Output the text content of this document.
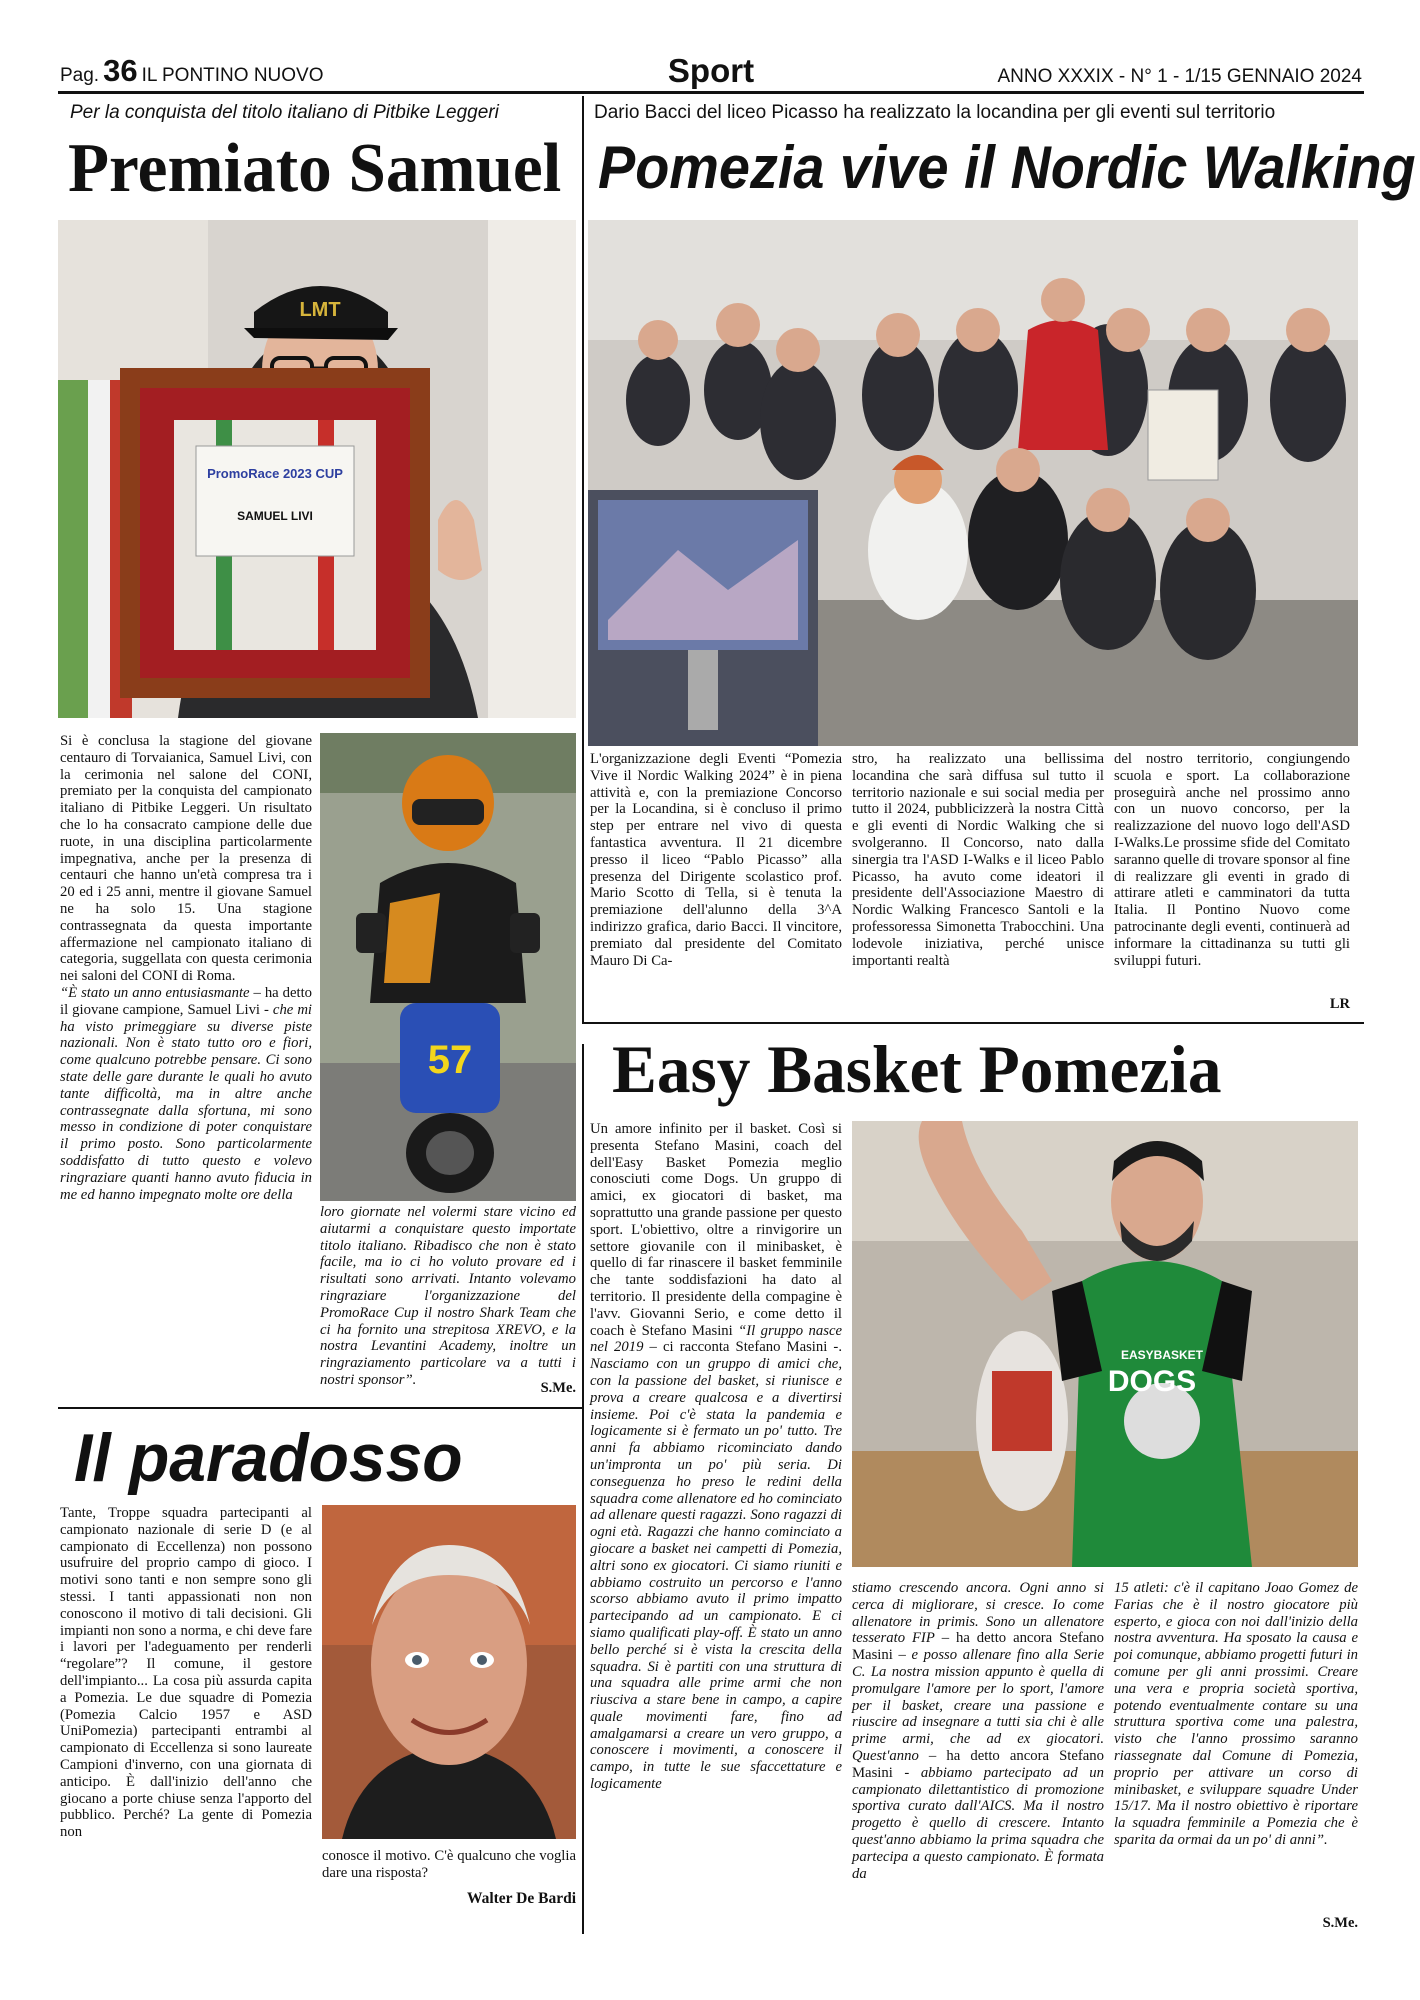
Pag. 36 IL PONTINO NUOVO	Sport	ANNO XXXIX - N° 1 - 1/15 GENNAIO 2024
Per la conquista del titolo italiano di Pitbike Leggeri
Premiato Samuel
LMT
PromoRace 2023 CUP
SAMUEL LIVI

Si è conclusa la stagione del giovane centauro di Torvaianica, Samuel Livi, con la cerimonia nel salone del CONI, premiato per la conquista del campionato italiano di Pitbike Leggeri. Un risultato che lo ha consacrato campione delle due ruote, in una disciplina particolarmente impegnativa, anche per la presenza di centauri che hanno un'età compresa tra i 20 ed i 25 anni, mentre il giovane Samuel ne ha solo 15. Una stagione contrassegnata da questa importante affermazione nel campionato italiano di categoria, suggellata con questa cerimonia nei saloni del CONI di Roma.

“È stato un anno entusiasmante – ha detto il giovane campione, Samuel Livi - che mi ha visto primeggiare su diverse piste nazionali. Non è stato tutto oro e fiori, come qualcuno potrebbe pensare. Ci sono state delle gare durante le quali ho avuto tante difficoltà, ma in altre anche contrassegnate dalla sfortuna, mi sono messo in condizione di poter conquistare il primo posto. Sono particolarmente soddisfatto di tutto questo e volevo ringraziare quanti hanno avuto fiducia in me ed hanno impegnato molte ore della

57
loro giornate nel volermi stare vicino ed aiutarmi a conquistare questo importate titolo italiano. Ribadisco che non è stato facile, ma io ci ho voluto provare ed i risultati sono arrivati. Intanto volevamo ringraziare l'organizzazione del PromoRace Cup il nostro Shark Team che ci ha fornito una strepitosa XREVO, e la nostra Levantini Academy, inoltre un ringraziamento particolare va a tutti i nostri sponsor”.
S.Me.
Dario Bacci del liceo Picasso ha realizzato la locandina per gli eventi sul territorio
Pomezia vive il Nordic Walking
L'organizzazione degli Eventi “Pomezia Vive il Nordic Walking 2024” è in piena attività e, con la premiazione Concorso per la Locandina, si è concluso il primo step per entrare nel vivo di questa fantastica avventura. Il 21 dicembre presso il liceo “Pablo Picasso” alla presenza del Dirigente scolastico prof. Mario Scotto di Tella, si è tenuta la premiazione dell'alunno della 3^A indirizzo grafica, dario Bacci. Il vincitore, premiato dal presidente del Comitato Mauro Di Ca-
stro, ha realizzato una bellissima locandina che sarà diffusa sul tutto il territorio nazionale e sui social media per tutto il 2024, pubblicizzerà la nostra Città e gli eventi di Nordic Walking che si svolgeranno. Il Concorso, nato dalla sinergia tra l'ASD I-Walks e il liceo Pablo Picasso, ha avuto come ideatori il presidente dell'Associazione Maestro di Nordic Walking Francesco Santoli e la professoressa Simonetta Trabocchini. Una lodevole iniziativa, perché unisce importanti realtà
del nostro territorio, congiungendo scuola e sport. La collaborazione proseguirà anche nel prossimo anno con un nuovo concorso, per la realizzazione del nuovo logo dell'ASD I-Walks.Le prossime sfide del Comitato saranno quelle di trovare sponsor al fine di realizzare gli eventi in grado di attirare atleti e camminatori da tutta Italia. Il Pontino Nuovo come patrocinante degli eventi, continuerà ad informare la cittadinanza su tutti gli sviluppi futuri.
LR
Easy Basket Pomezia

Un amore infinito per il basket. Così si presenta Stefano Masini, coach del dell'Easy Basket Pomezia meglio conosciuti come Dogs. Un gruppo di amici, ex giocatori di basket, ma soprattutto una grande passione per questo sport. L'obiettivo, oltre a rinvigorire un settore giovanile con il minibasket, è quello di far rinascere il basket femminile che tante soddisfazioni ha dato al territorio. Il presidente della compagine è l'avv. Giovanni Serio, e come detto il coach è Stefano Masini “Il gruppo nasce nel 2019 – ci racconta Stefano Masini -. Nasciamo con un gruppo di amici che, con la passione del basket, si riunisce e prova a creare qualcosa e a divertirsi insieme. Poi c'è stata la pandemia e logicamente si è fermato un po' tutto. Tre anni fa abbiamo ricominciato dando un'impronta un po' più seria. Di conseguenza ho preso le redini della squadra come allenatore ed ho cominciato ad allenare questi ragazzi. Sono ragazzi di ogni età. Ragazzi che hanno cominciato a giocare a basket nei campetti di Pomezia, altri sono ex giocatori. Ci siamo riuniti e abbiamo costruito un percorso e l'anno scorso abbiamo avuto il primo impatto partecipando ad un campionato. E ci siamo qualificati play-off. È stato un anno bello perché si è vista la crescita della squadra. Si è partiti con una struttura di una squadra alle prime armi che non riusciva a stare bene in campo, a capire quale movimenti fare, fino ad amalgamarsi a creare un vero gruppo, a conoscere i movimenti, a conoscere il campo, in tutte le sue sfaccettature e logicamente

EASYBASKET
DOGS

stiamo crescendo ancora. Ogni anno si cerca di migliorare, si cresce. Io come allenatore in primis. Sono un allenatore tesserato FIP – ha detto ancora Stefano Masini – e posso allenare fino alla Serie C. La nostra mission appunto è quella di promulgare l'amore per lo sport, l'amore per il basket, creare una passione e riuscire ad insegnare a tutti sia chi è alle prime armi, che ad ex giocatori. Quest'anno – ha detto ancora Stefano Masini - abbiamo partecipato ad un campionato dilettantistico di promozione sportiva curato dall'AICS. Ma il nostro progetto è quello di crescere. Intanto quest'anno abbiamo la prima squadra che partecipa a questo campionato. È formata da

15 atleti: c'è il capitano Joao Gomez de Farias che è il nostro giocatore più esperto, e gioca con noi dall'inizio della nostra avventura. Ha sposato la causa e poi comunque, abbiamo progetti futuri in comune per gli anni prossimi. Creare una vera e propria società sportiva, potendo eventualmente contare su una struttura sportiva come una palestra, visto che l'anno prossimo saranno riassegnate dal Comune di Pomezia, proprio per attivare un corso di minibasket, e sviluppare squadre Under 15/17. Ma il nostro obiettivo è riportare la squadra femminile a Pomezia che è sparita da ormai da un po' di anni”.
S.Me.
Il paradosso
Tante, Troppe squadra partecipanti al campionato nazionale di serie D (e al campionato di Eccellenza) non possono usufruire del proprio campo di gioco. I motivi sono tanti e non sempre sono gli stessi. I tanti appassionati non non conoscono il motivo di tali decisioni. Gli impianti non sono a norma, e chi deve fare i lavori per l'adeguamento per renderli “regolare”? Il comune, il gestore dell'impianto... La cosa più assurda capita a Pomezia. Le due squadre di Pomezia (Pomezia Calcio 1957 e ASD UniPomezia) partecipanti entrambi al campionato di Eccellenza si sono laureate Campioni d'inverno, con una giornata di anticipo. È dall'inizio dell'anno che giocano a porte chiuse senza l'apporto del pubblico. Perché? La gente di Pomezia non
conosce il motivo. C'è qualcuno che voglia dare una risposta?
Walter De Bardi
